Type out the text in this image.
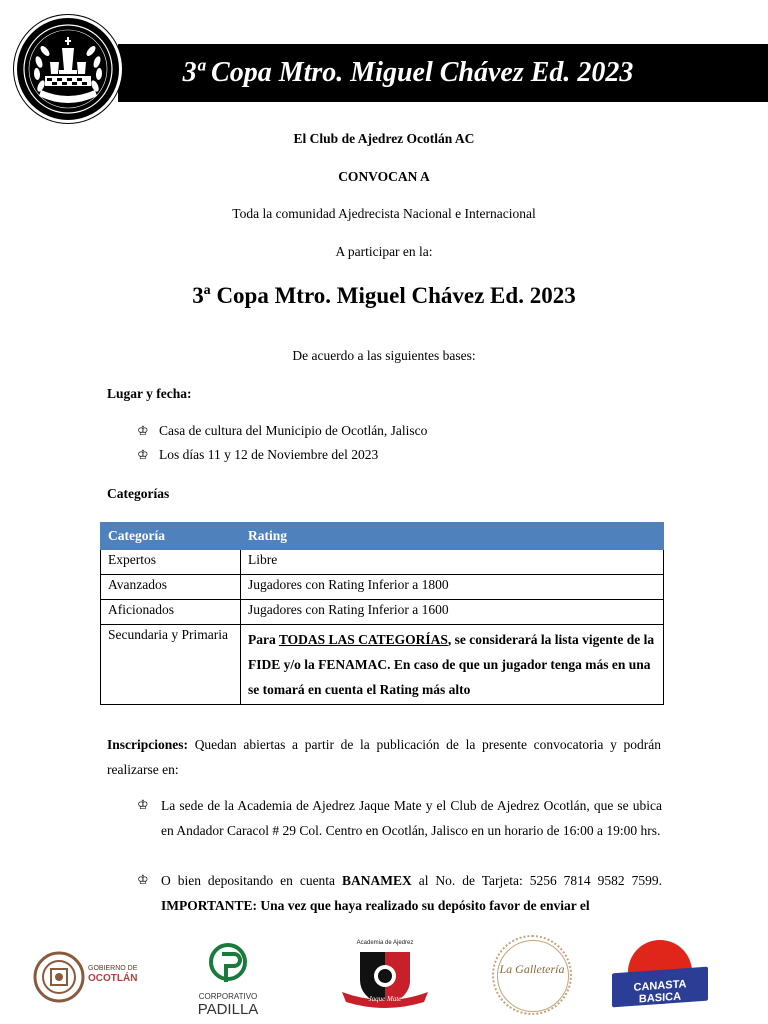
3ª Copa Mtro. Miguel Chávez Ed. 2023
El Club de Ajedrez Ocotlán AC
CONVOCAN A
Toda la comunidad Ajedrecista Nacional e Internacional
A participar en la:
3ª Copa Mtro. Miguel Chávez Ed. 2023
De acuerdo a las siguientes bases:
Lugar y fecha:
♔ Casa de cultura del Municipio de Ocotlán, Jalisco
♔ Los días 11 y 12 de Noviembre del 2023
Categorías
Categoría	Rating
Expertos	Libre
Avanzados	Jugadores con Rating Inferior a 1800
Aficionados	Jugadores con Rating Inferior a 1600
Secundaria y Primaria	Para TODAS LAS CATEGORÍAS, se considerará la lista vigente de la FIDE y/o la FENAMAC. En caso de que un jugador tenga más en una se tomará en cuenta el Rating más alto
Inscripciones: Quedan abiertas a partir de la publicación de la presente convocatoria y podrán realizarse en:
♔ La sede de la Academia de Ajedrez Jaque Mate y el Club de Ajedrez Ocotlán, que se ubica en Andador Caracol # 29 Col. Centro en Ocotlán, Jalisco en un horario de 16:00 a 19:00 hrs.
♔ O bien depositando en cuenta BANAMEX al No. de Tarjeta: 5256 7814 9582 7599. IMPORTANTE: Una vez que haya realizado su depósito favor de enviar el
GOBIERNO DE
OCOTLÁN
CORPORATIVO
PADILLA
Academia de Ajedrez
Jaque Mate
La Galletería
CANASTA BASICA
